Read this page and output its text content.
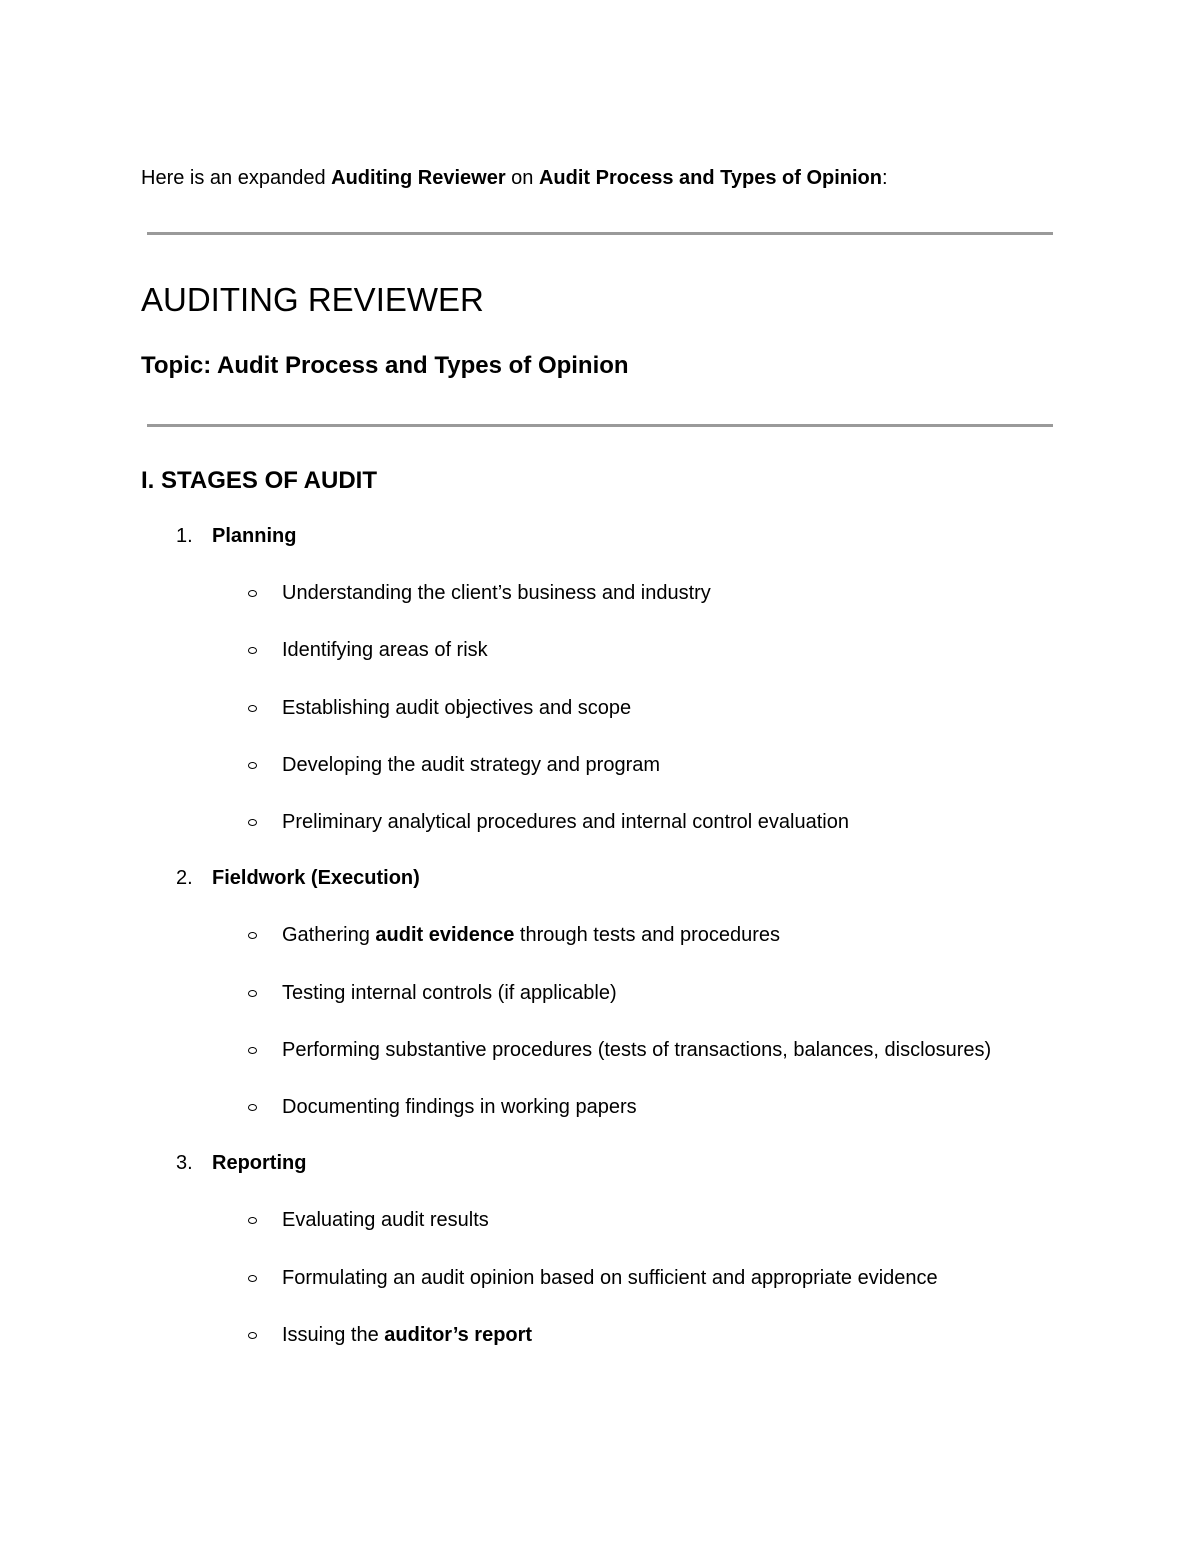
Here is an expanded Auditing Reviewer on Audit Process and Types of Opinion:
AUDITING REVIEWER
Topic: Audit Process and Types of Opinion
I. STAGES OF AUDIT
1. Planning
Understanding the client’s business and industry
Identifying areas of risk
Establishing audit objectives and scope
Developing the audit strategy and program
Preliminary analytical procedures and internal control evaluation
2. Fieldwork (Execution)
Gathering audit evidence through tests and procedures
Testing internal controls (if applicable)
Performing substantive procedures (tests of transactions, balances, disclosures)
Documenting findings in working papers
3. Reporting
Evaluating audit results
Formulating an audit opinion based on sufficient and appropriate evidence
Issuing the auditor’s report
